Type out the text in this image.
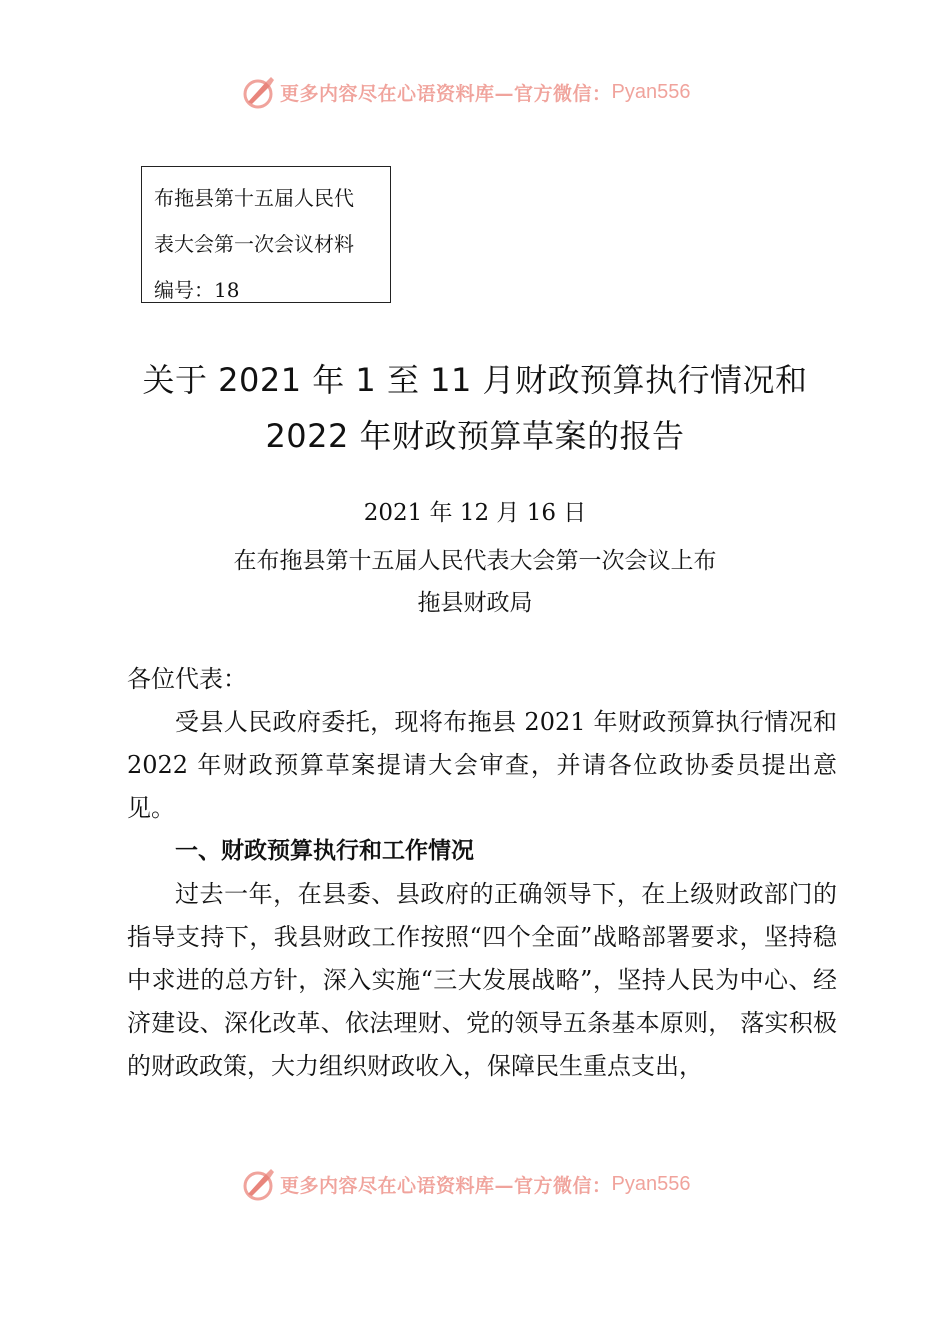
更多内容尽在心语资料库—官方微信： Pyan556
布拖县第十五届人民代
表大会第一次会议材料
编号：18
关于 2021 年 1 至 11 月财政预算执行情况和
2022 年财政预算草案的报告
2021 年 12 月 16 日
在布拖县第十五届人民代表大会第一次会议上布
拖县财政局

各位代表：

受县人民政府委托，现将布拖县 2021 年财政预算执行情况和 2022 年财政预算草案提请大会审查，并请各位政协委员提出意见。

一、财政预算执行和工作情况

过去一年，在县委、县政府的正确领导下，在上级财政部门的指导支持下，我县财政工作按照“四个全面”战略部署要求，坚持稳中求进的总方针，深入实施“三大发展战略”，坚持人民为中心、经济建设、深化改革、依法理财、党的领导五条基本原则， 落实积极的财政政策，大力组织财政收入，保障民生重点支出，

更多内容尽在心语资料库—官方微信： Pyan556
